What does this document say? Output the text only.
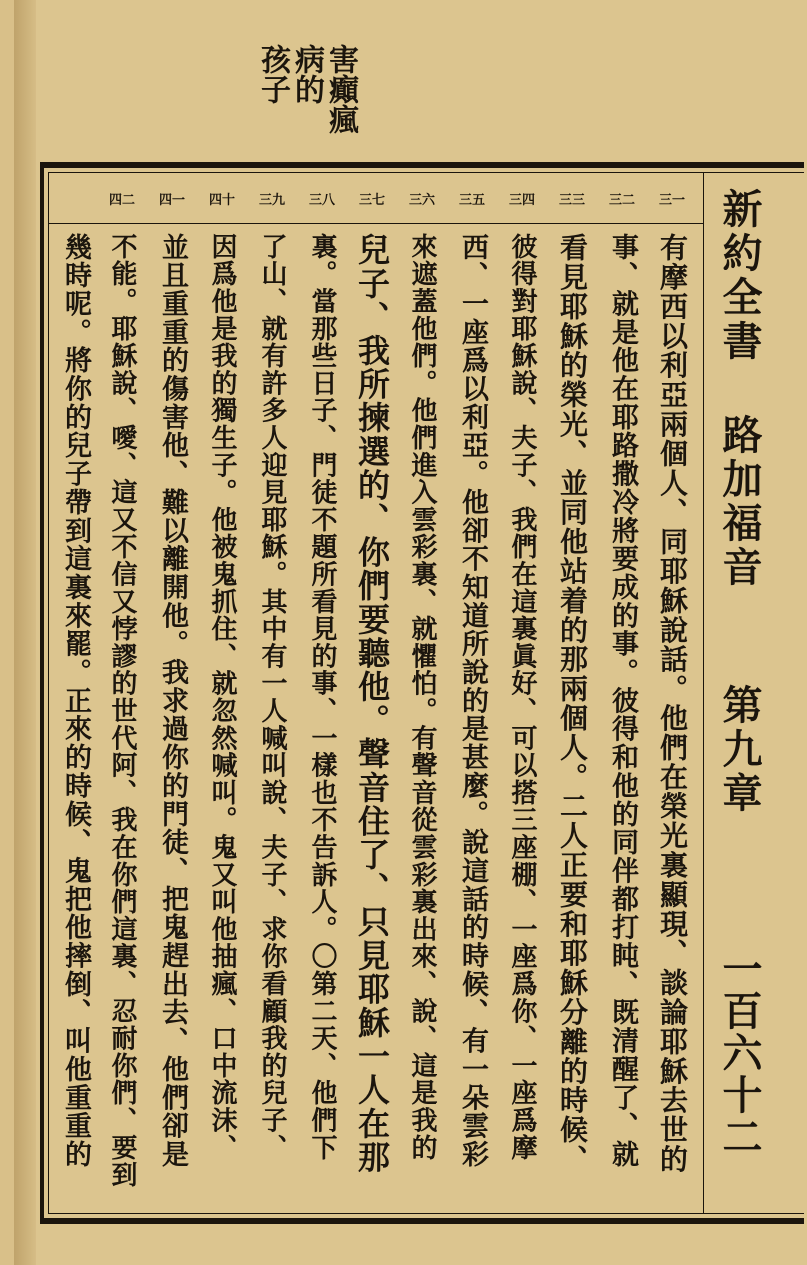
害癲瘋
病的
孩子
新約全書
路加福音
第九章
一百六十二
三一
有摩西以利亞兩個人、同耶穌說話。他們在榮光裏顯現、談論耶穌去世的
三二
事、就是他在耶路撒冷將要成的事。彼得和他的同伴都打盹、既清醒了、就
三三
看見耶穌的榮光、並同他站着的那兩個人。二人正要和耶穌分離的時候、
三四
彼得對耶穌說、夫子、我們在這裏眞好、可以搭三座棚、一座爲你、一座爲摩
三五
西、一座爲以利亞。他卻不知道所說的是甚麼。說這話的時候、有一朵雲彩
三六
來遮蓋他們。他們進入雲彩裏、就懼怕。有聲音從雲彩裏出來、說、這是我的
三七
兒子、我所揀選的、你們要聽他。聲音住了、只見耶穌一人在那
三八
裏。當那些日子、門徒不題所看見的事、一樣也不告訴人。〇第二天、他們下
三九
了山、就有許多人迎見耶穌。其中有一人喊叫說、夫子、求你看顧我的兒子、
四十
因爲他是我的獨生子。他被鬼抓住、就忽然喊叫。鬼又叫他抽瘋、口中流沫、
四一
並且重重的傷害他、難以離開他。我求過你的門徒、把鬼趕出去、他們卻是
四二
不能。耶穌說、噯、這又不信又悖謬的世代阿、我在你們這裏、忍耐你們、要到
幾時呢。將你的兒子帶到這裏來罷。正來的時候、鬼把他摔倒、叫他重重的
